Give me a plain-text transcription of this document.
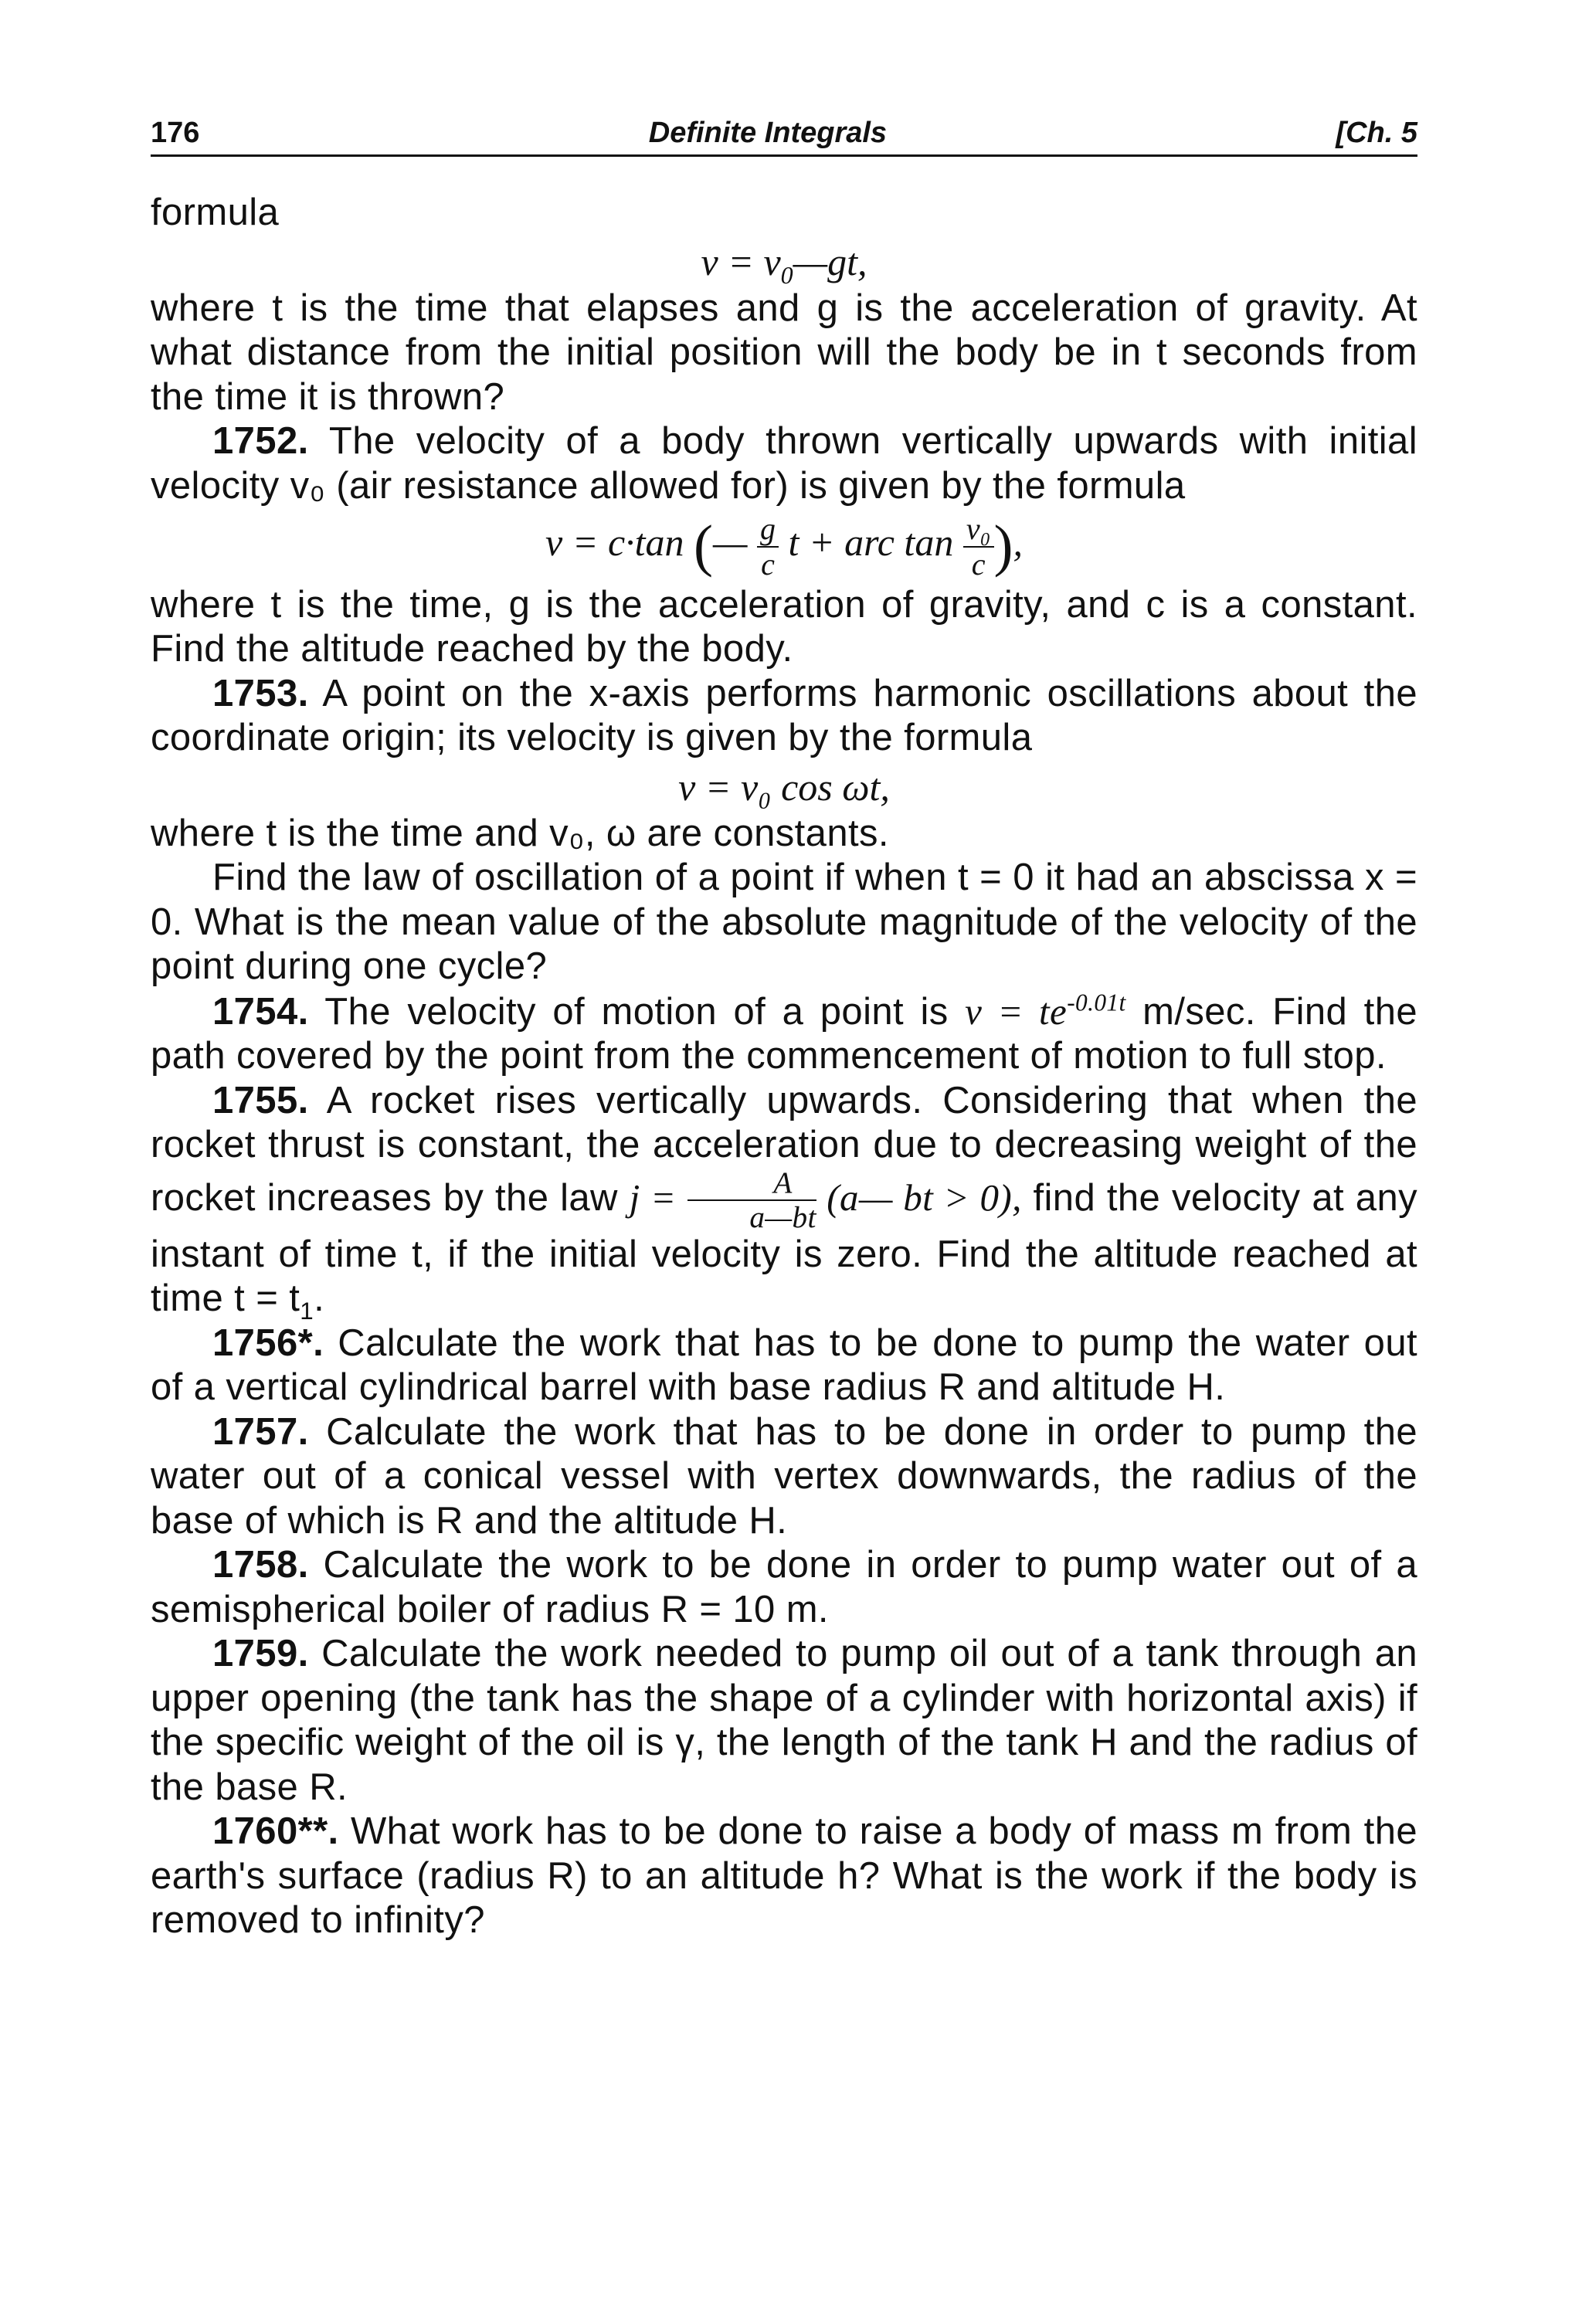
176	Definite Integrals	[Ch. 5

formula

$v = v_0—gt$,

where t is the time that elapses and g is the acceleration of gravity. At what distance from the initial position will the body be in t seconds from the time it is thrown?

1752. The velocity of a body thrown vertically upwards with initial velocity v₀ (air resistance allowed for) is given by the formula

v = c·tan (— $\frac{g}{c}$ t + arc $\tan \frac{\text{v₀}}{c}$ ),

where t is the time, g is the acceleration of gravity, and c is a constant. Find the altitude reached by the body.

1753. A point on the x-axis performs harmonic oscillations about the coordinate origin; its velocity is given by the formula

v = v₀ cos ωt,

where t is the time and v₀, ω are constants.

Find the law of oscillation of a point if when t = 0 it had an abscissa x = 0. What is the mean value of the absolute magnitude of the velocity of the point during one cycle?

1754. The velocity of motion of a point is $v = te^{-0.01t}$ m/sec. Find the path covered by the point from the commencement of motion to full stop.

1755. A rocket rises vertically upwards. Considering that when the rocket thrust is constant, the acceleration due to decreasing weight of the rocket increases by the law $j = \frac{A}{a—bt}$ (a— bt > 0), find the velocity at any instant of time t, if the initial velocity is zero. Find the altitude reached at time $t = t_1$.

1756*. Calculate the work that has to be done to pump the water out of a vertical cylindrical barrel with base radius R and altitude H.

1757. Calculate the work that has to be done in order to pump the water out of a conical vessel with vertex downwards, the radius of the base of which is R and the altitude H.

1758. Calculate the work to be done in order to pump water out of a semispherical boiler of radius R = 10 m.

1759. Calculate the work needed to pump oil out of a tank through an upper opening (the tank has the shape of a cylinder with horizontal axis) if the specific weight of the oil is γ, the length of the tank H and the radius of the base R.

1760**. What work has to be done to raise a body of mass m from the earth's surface (radius R) to an altitude h? What is the work if the body is removed to infinity?
